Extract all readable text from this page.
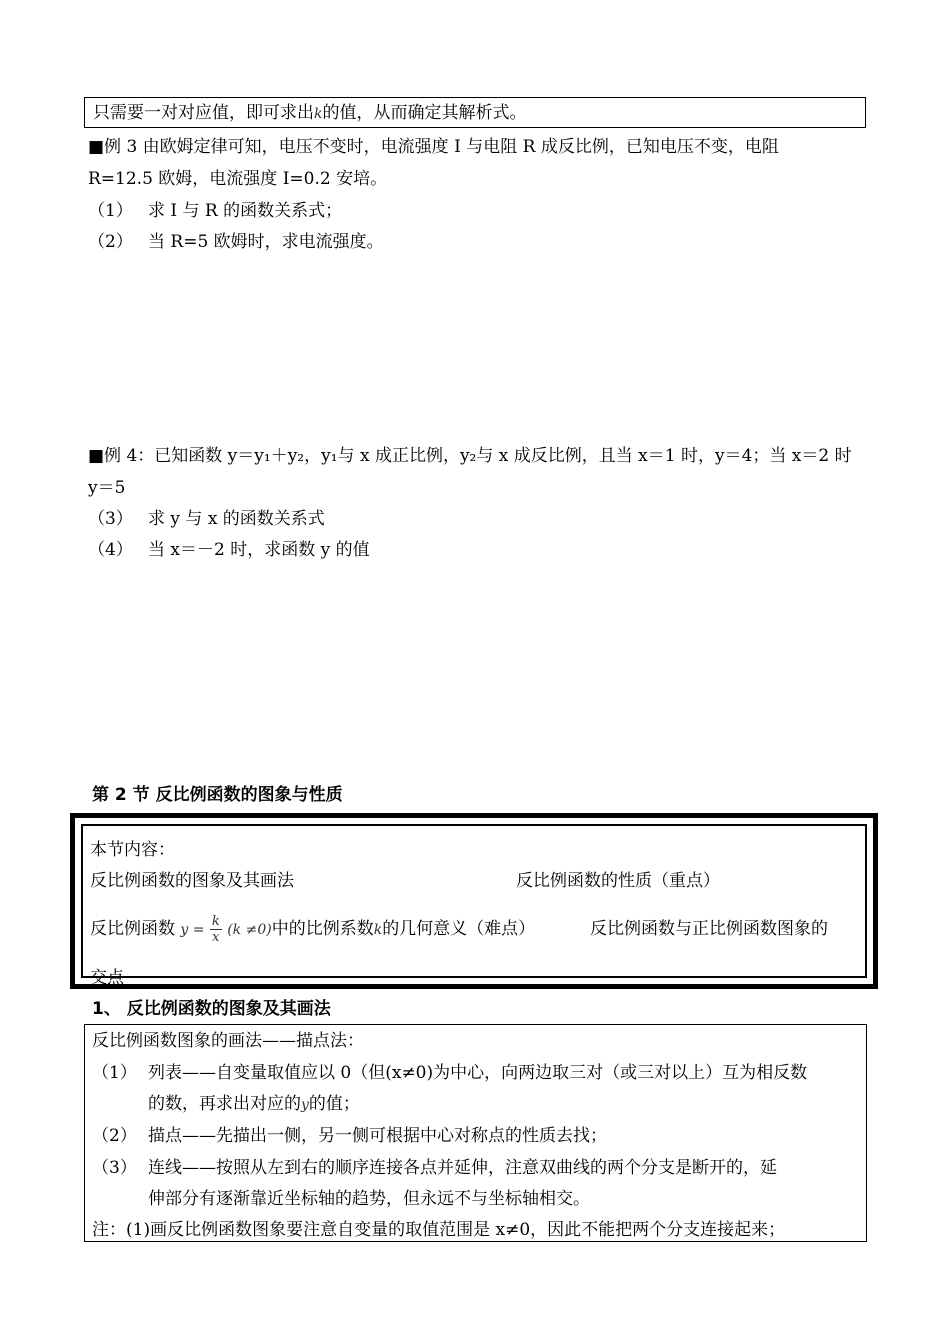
只需要一对对应值，即可求出k的值，从而确定其解析式。
■例 3 由欧姆定律可知，电压不变时，电流强度 I 与电阻 R 成反比例，已知电压不变，电阻
R=12.5 欧姆，电流强度 I=0.2 安培。
（1） 求 I 与 R 的函数关系式；
（2） 当 R=5 欧姆时，求电流强度。
■例 4：已知函数 y＝y₁＋y₂，y₁与 x 成正比例，y₂与 x 成反比例，且当 x＝1 时，y＝4；当 x＝2 时
y＝5
（3） 求 y 与 x 的函数关系式
（4） 当 x＝－2 时，求函数 y 的值
第 2 节 反比例函数的图象与性质
本节内容：
反比例函数的图象及其画法	反比例函数的性质（重点）
反比例函数 $y = \frac{k}{x} (k \ne 0)$中的比例系数k的几何意义（难点）	反比例函数与正比例函数图象的
交点
1、 反比例函数的图象及其画法
反比例函数图象的画法——描点法：
（1） 列表——自变量取值应以 0（但(x≠0)为中心，向两边取三对（或三对以上）互为相反数
的数，再求出对应的y的值；
（2） 描点——先描出一侧，另一侧可根据中心对称点的性质去找；
（3） 连线——按照从左到右的顺序连接各点并延伸，注意双曲线的两个分支是断开的，延
伸部分有逐渐靠近坐标轴的趋势，但永远不与坐标轴相交。
注：(1)画反比例函数图象要注意自变量的取值范围是 x≠0，因此不能把两个分支连接起来；
